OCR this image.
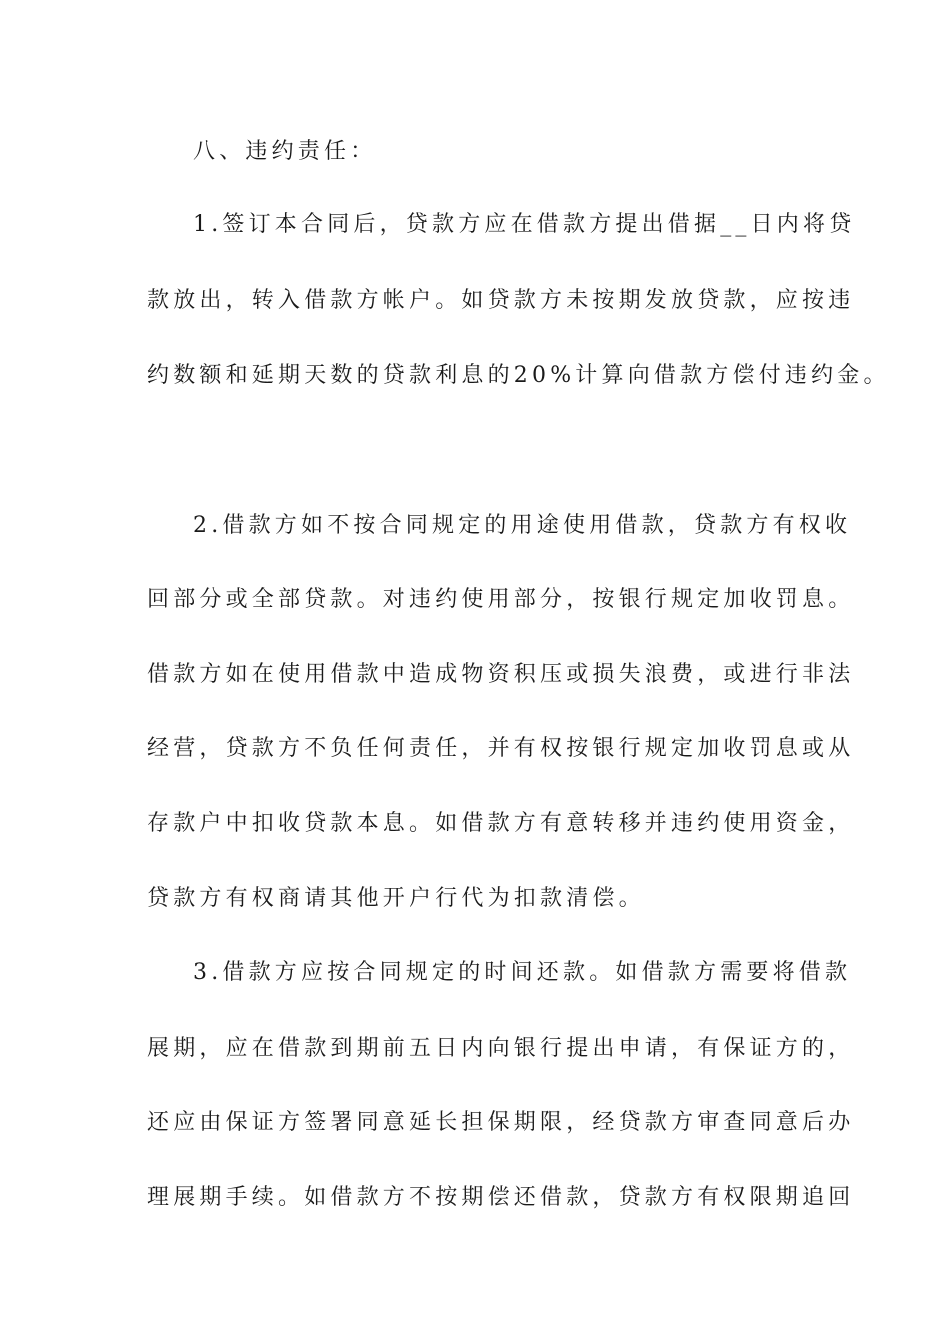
八、违约责任：
1.签订本合同后，贷款方应在借款方提出借据__日内将贷
款放出，转入借款方帐户。如贷款方未按期发放贷款，应按违
约数额和延期天数的贷款利息的20%计算向借款方偿付违约金。
2.借款方如不按合同规定的用途使用借款，贷款方有权收
回部分或全部贷款。对违约使用部分，按银行规定加收罚息。
借款方如在使用借款中造成物资积压或损失浪费，或进行非法
经营，贷款方不负任何责任，并有权按银行规定加收罚息或从
存款户中扣收贷款本息。如借款方有意转移并违约使用资金，
贷款方有权商请其他开户行代为扣款清偿。
3.借款方应按合同规定的时间还款。如借款方需要将借款
展期，应在借款到期前五日内向银行提出申请，有保证方的，
还应由保证方签署同意延长担保期限，经贷款方审查同意后办
理展期手续。如借款方不按期偿还借款，贷款方有权限期追回
